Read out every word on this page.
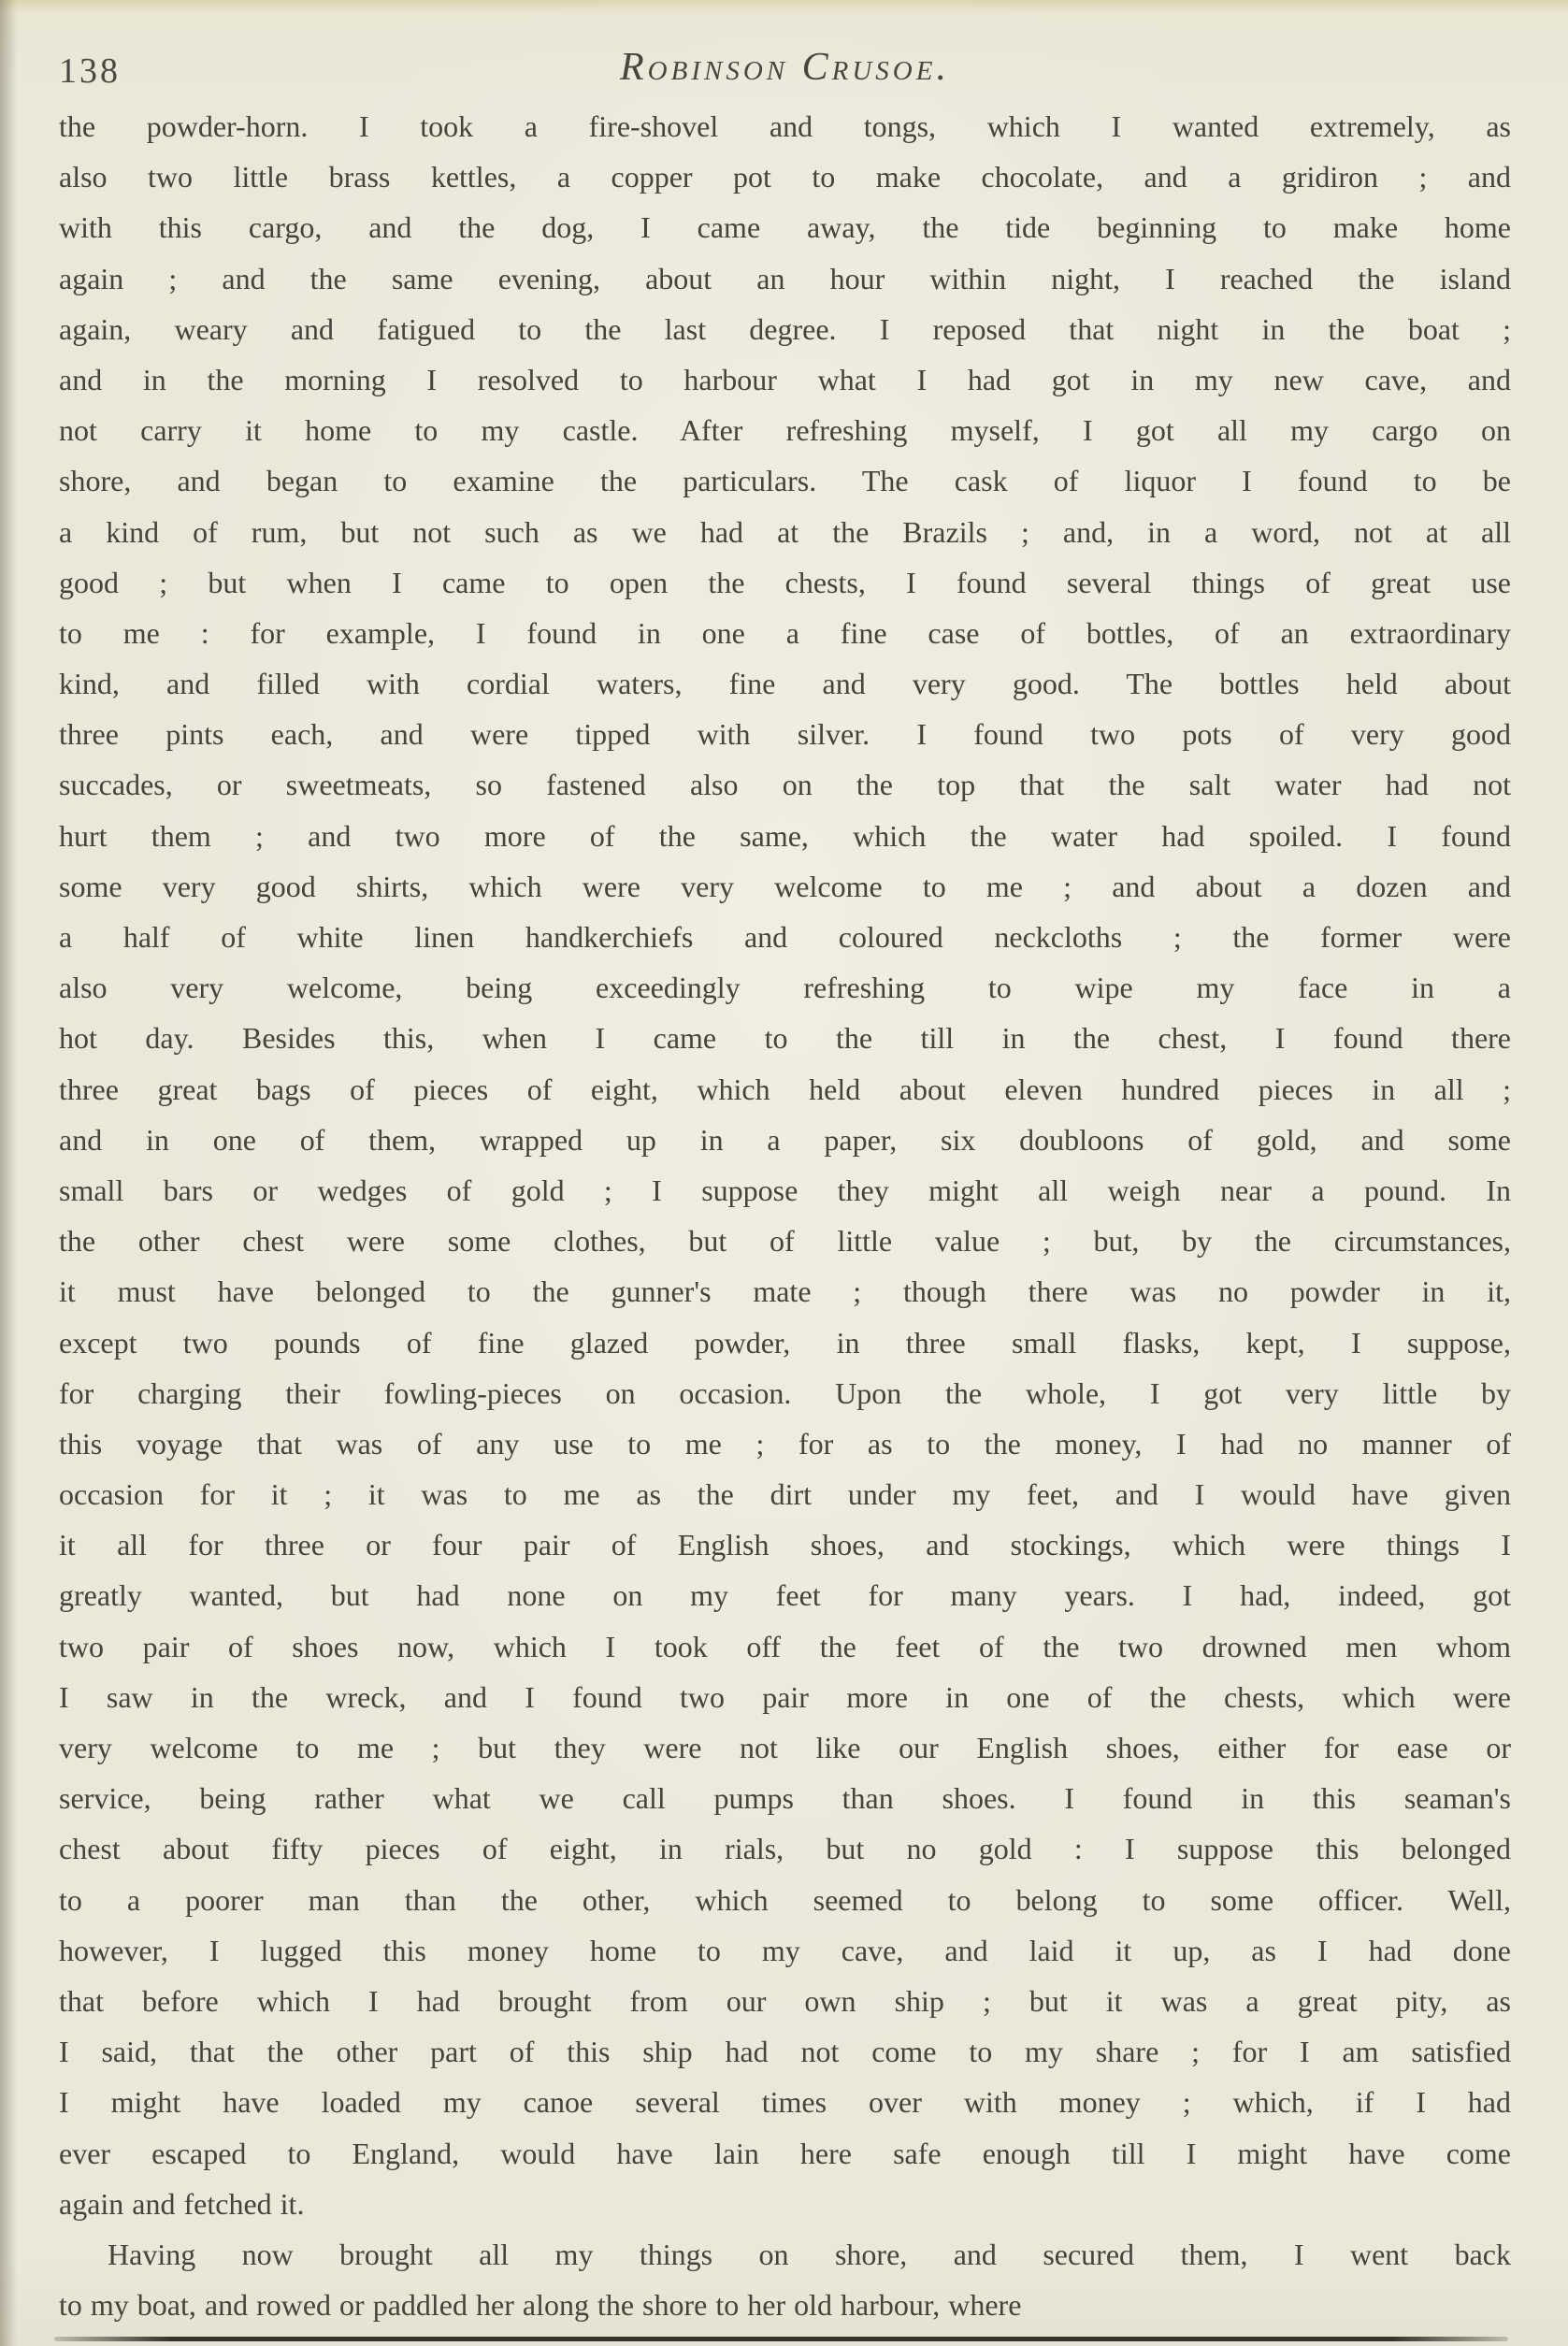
138	Robinson Crusoe.
the powder-horn. I took a fire-shovel and tongs, which I wanted extremely, as
also two little brass kettles, a copper pot to make chocolate, and a gridiron ; and
with this cargo, and the dog, I came away, the tide beginning to make home
again ; and the same evening, about an hour within night, I reached the island
again, weary and fatigued to the last degree. I reposed that night in the boat ;
and in the morning I resolved to harbour what I had got in my new cave, and
not carry it home to my castle. After refreshing myself, I got all my cargo on
shore, and began to examine the particulars. The cask of liquor I found to be
a kind of rum, but not such as we had at the Brazils ; and, in a word, not at all
good ; but when I came to open the chests, I found several things of great use
to me : for example, I found in one a fine case of bottles, of an extraordinary
kind, and filled with cordial waters, fine and very good. The bottles held about
three pints each, and were tipped with silver. I found two pots of very good
succades, or sweetmeats, so fastened also on the top that the salt water had not
hurt them ; and two more of the same, which the water had spoiled. I found
some very good shirts, which were very welcome to me ; and about a dozen and
a half of white linen handkerchiefs and coloured neckcloths ; the former were
also very welcome, being exceedingly refreshing to wipe my face in a
hot day. Besides this, when I came to the till in the chest, I found there
three great bags of pieces of eight, which held about eleven hundred pieces in all ;
and in one of them, wrapped up in a paper, six doubloons of gold, and some
small bars or wedges of gold ; I suppose they might all weigh near a pound. In
the other chest were some clothes, but of little value ; but, by the circumstances,
it must have belonged to the gunner's mate ; though there was no powder in it,
except two pounds of fine glazed powder, in three small flasks, kept, I suppose,
for charging their fowling-pieces on occasion. Upon the whole, I got very little by
this voyage that was of any use to me ; for as to the money, I had no manner of
occasion for it ; it was to me as the dirt under my feet, and I would have given
it all for three or four pair of English shoes, and stockings, which were things I
greatly wanted, but had none on my feet for many years. I had, indeed, got
two pair of shoes now, which I took off the feet of the two drowned men whom
I saw in the wreck, and I found two pair more in one of the chests, which were
very welcome to me ; but they were not like our English shoes, either for ease or
service, being rather what we call pumps than shoes. I found in this seaman's
chest about fifty pieces of eight, in rials, but no gold : I suppose this belonged
to a poorer man than the other, which seemed to belong to some officer. Well,
however, I lugged this money home to my cave, and laid it up, as I had done
that before which I had brought from our own ship ; but it was a great pity, as
I said, that the other part of this ship had not come to my share ; for I am satisfied
I might have loaded my canoe several times over with money ; which, if I had
ever escaped to England, would have lain here safe enough till I might have come
again and fetched it.
Having now brought all my things on shore, and secured them, I went back
to my boat, and rowed or paddled her along the shore to her old harbour, where
